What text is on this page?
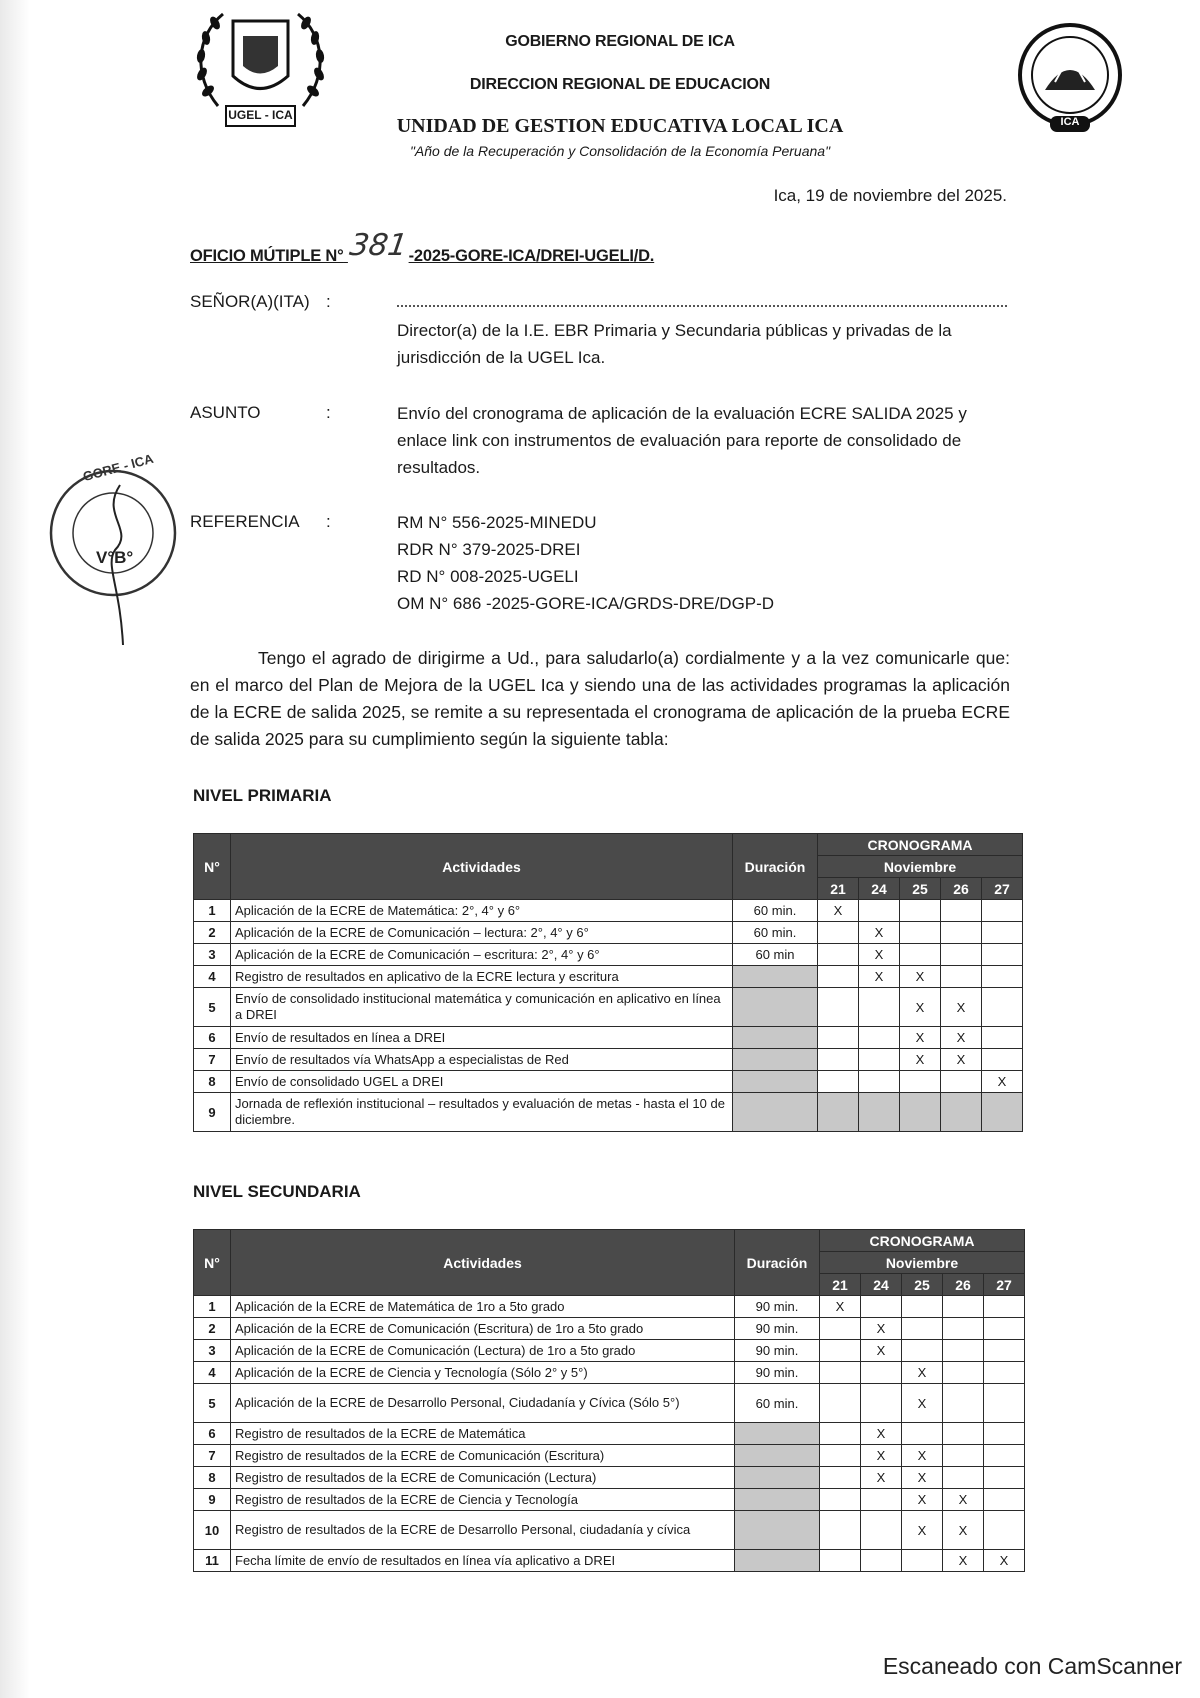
UGEL - ICA	ICA
GOBIERNO REGIONAL DE ICA
DIRECCION REGIONAL DE EDUCACION
UNIDAD DE GESTION EDUCATIVA LOCAL ICA
"Año de la Recuperación y Consolidación de la Economía Peruana"
Ica, 19 de noviembre del 2025.
OFICIO MÚTIPLE N° 381-2025-GORE-ICA/DREI-UGELI/D.
SEÑOR(A)(ITA) :
Director(a) de la I.E. EBR Primaria y Secundaria públicas y privadas de la jurisdicción de la UGEL Ica.
ASUNTO	:	Envío del cronograma de aplicación de la evaluación ECRE SALIDA 2025 y enlace link con instrumentos de evaluación para reporte de consolidado de resultados.
REFERENCIA :	RM N° 556-2025-MINEDU
RDR N° 379-2025-DREI
RD N° 008-2025-UGELI
OM N° 686 -2025-GORE-ICA/GRDS-DRE/DGP-D
GORE - ICA
V°B°
Tengo el agrado de dirigirme a Ud., para saludarlo(a) cordialmente y a la vez comunicarle que: en el marco del Plan de Mejora de la UGEL Ica y siendo una de las actividades programas la aplicación de la ECRE de salida 2025, se remite a su representada el cronograma de aplicación de la prueba ECRE de salida 2025 para su cumplimiento según la siguiente tabla:
NIVEL PRIMARIA
N°	Actividades	Duración	CRONOGRAMA				
			Noviembre				
			21	24	25	26	27
1	Aplicación de la ECRE de Matemática: 2°, 4° y 6°	60 min.	X				
2	Aplicación de la ECRE de Comunicación – lectura: 2°, 4° y 6°	60 min.		X			
3	Aplicación de la ECRE de Comunicación – escritura: 2°, 4° y 6°	60 min		X			
4	Registro de resultados en aplicativo de la ECRE lectura y escritura			X	X		
5	Envío de consolidado institucional matemática y comunicación en aplicativo en línea a DREI				X	X	
6	Envío de resultados en línea a DREI				X	X	
7	Envío de resultados vía WhatsApp a especialistas de Red				X	X	
8	Envío de consolidado UGEL a DREI						X
9	Jornada de reflexión institucional – resultados y evaluación de metas - hasta el 10 de diciembre.						
NIVEL SECUNDARIA
N°	Actividades	Duración	CRONOGRAMA				
			Noviembre				
			21	24	25	26	27
1	Aplicación de la ECRE de Matemática de 1ro a 5to grado	90 min.	X				
2	Aplicación de la ECRE de Comunicación (Escritura) de 1ro a 5to grado	90 min.		X			
3	Aplicación de la ECRE de Comunicación (Lectura) de 1ro a 5to grado	90 min.		X			
4	Aplicación de la ECRE de Ciencia y Tecnología (Sólo 2° y 5°)	90 min.			X		
5	Aplicación de la ECRE de Desarrollo Personal, Ciudadanía y Cívica (Sólo 5°)	60 min.			X		
6	Registro de resultados de la ECRE de Matemática			X			
7	Registro de resultados de la ECRE de Comunicación (Escritura)			X	X		
8	Registro de resultados de la ECRE de Comunicación (Lectura)			X	X		
9	Registro de resultados de la ECRE de Ciencia y Tecnología				X	X	
10	Registro de resultados de la ECRE de Desarrollo Personal, ciudadanía y cívica				X	X	
11	Fecha límite de envío de resultados en línea vía aplicativo a DREI					X	X
Escaneado con CamScanner
